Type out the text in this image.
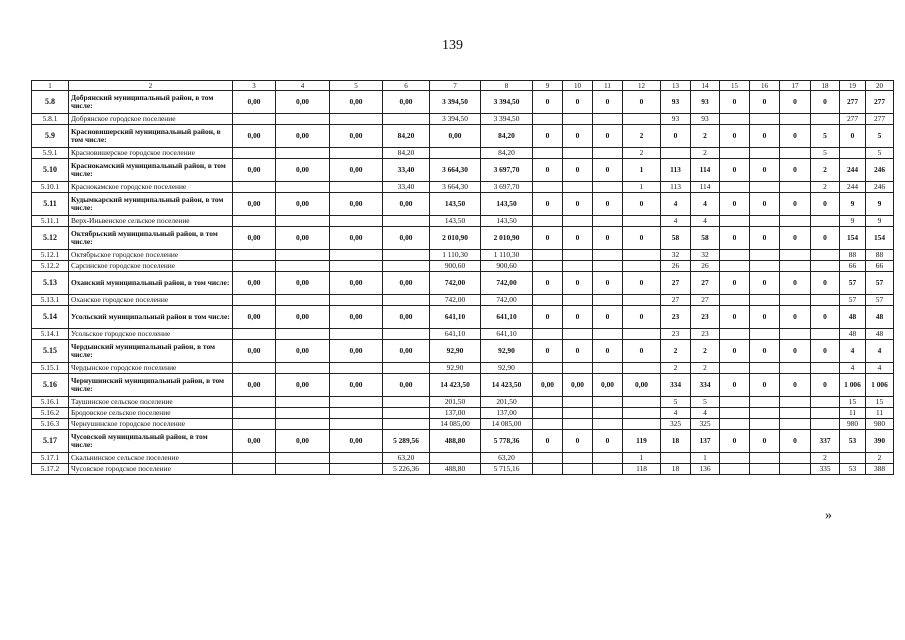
139
1	2	3	4	5	6	7	8	9	10	11	12	13	14	15	16	17	18	19	20
5.8	Добрянский муниципальный район, в том числе:	0,00	0,00	0,00	0,00	3 394,50	3 394,50	0	0	0	0	93	93	0	0	0	0	277	277
5.8.1	Добрянское городское поселение					3 394,50	3 394,50					93	93					277	277
5.9	Красновишерский муниципальный район, в том числе:	0,00	0,00	0,00	84,20	0,00	84,20	0	0	0	2	0	2	0	0	0	5	0	5
5.9.1	Красновишерское городское поселение				84,20		84,20				2		2				5		5
5.10	Краснокамский муниципальный район, в том числе:	0,00	0,00	0,00	33,40	3 664,30	3 697,70	0	0	0	1	113	114	0	0	0	2	244	246
5.10.1	Краснокамское городское поселение				33,40	3 664,30	3 697,70				1	113	114				2	244	246
5.11	Кудымкарский муниципальный район, в том числе:	0,00	0,00	0,00	0,00	143,50	143,50	0	0	0	0	4	4	0	0	0	0	9	9
5.11.1	Верх-Иньвенское сельское поселение					143,50	143,50					4	4					9	9
5.12	Октябрьский муниципальный район, в том числе:	0,00	0,00	0,00	0,00	2 010,90	2 010,90	0	0	0	0	58	58	0	0	0	0	154	154
5.12.1	Октябрьское городское поселение					1 110,30	1 110,30					32	32					88	88
5.12.2	Сарсинское городское поселение					900,60	900,60					26	26					66	66
5.13	Оханский муниципальный район, в том числе:	0,00	0,00	0,00	0,00	742,00	742,00	0	0	0	0	27	27	0	0	0	0	57	57
5.13.1	Оханское городское поселение					742,00	742,00					27	27					57	57
5.14	Усольский муниципальный район в том числе:	0,00	0,00	0,00	0,00	641,10	641,10	0	0	0	0	23	23	0	0	0	0	48	48
5.14.1	Усольское городское поселение					641,10	641,10					23	23					48	48
5.15	Чердынский муниципальный район, в том числе:	0,00	0,00	0,00	0,00	92,90	92,90	0	0	0	0	2	2	0	0	0	0	4	4
5.15.1	Чердынское городское поселение					92,90	92,90					2	2					4	4
5.16	Чернушинский муниципальный район, в том числе:	0,00	0,00	0,00	0,00	14 423,50	14 423,50	0,00	0,00	0,00	0,00	334	334	0	0	0	0	1 006	1 006
5.16.1	Таушинское сельское поселение					201,50	201,50					5	5					15	15
5.16.2	Бродовское сельское поселение					137,00	137,00					4	4					11	11
5.16.3	Чернушинское городское поселение					14 085,00	14 085,00					325	325					980	980
5.17	Чусовской муниципальный район, в том числе:	0,00	0,00	0,00	5 289,56	488,80	5 778,36	0	0	0	119	18	137	0	0	0	337	53	390
5.17.1	Скальнинское сельское поселение				63,20		63,20				1		1				2		2
5.17.2	Чусовское городское поселение				5 226,36	488,80	5 715,16				118	18	136				335	53	388
»
